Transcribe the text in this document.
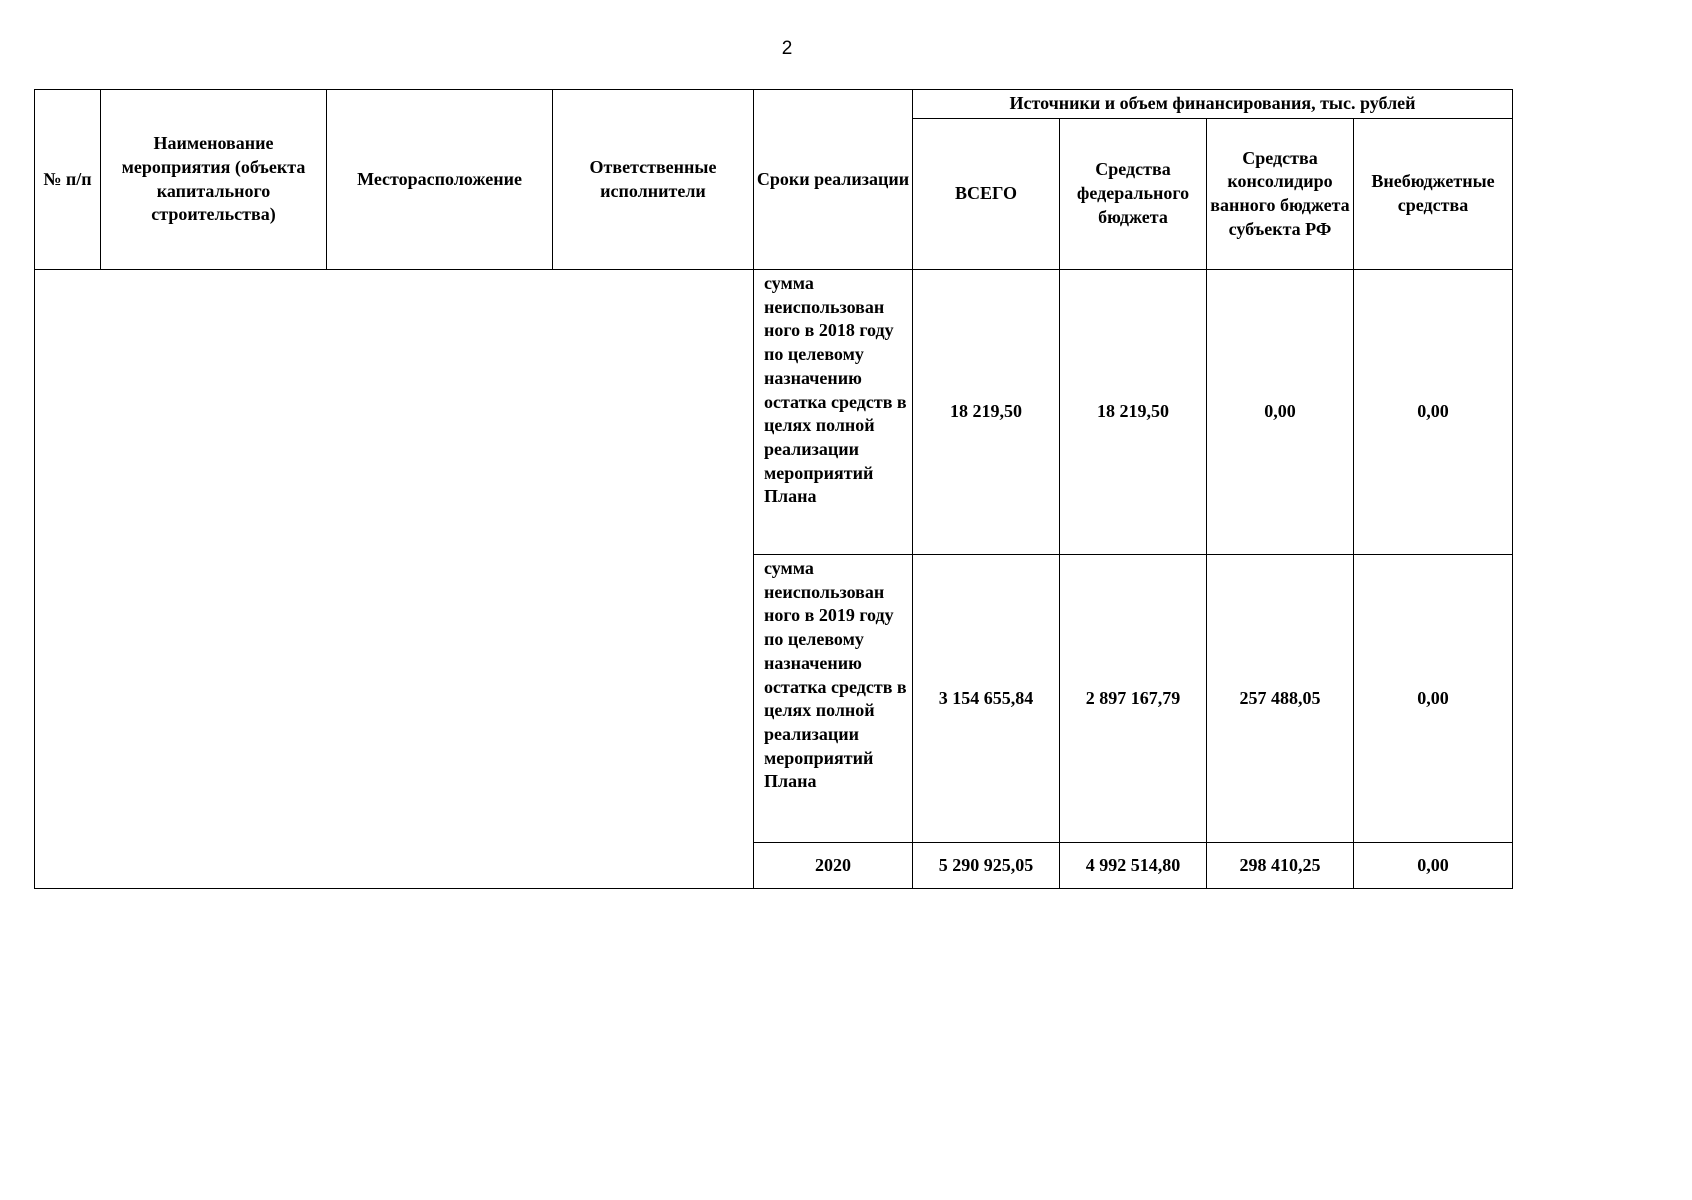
2
№ п/п	Наименование мероприятия (объекта капитального строительства)	Месторасположение	Ответственные исполнители	Сроки реализации	Источники и объем финансирования, тыс. рублей			
					ВСЕГО	Средства федерального бюджета	Средства консолидиро ванного бюджета субъекта РФ	Внебюджетные средства
				сумма неиспользован ного в 2018 году по целевому назначению остатка средств в целях полной реализации мероприятий Плана	18 219,50	18 219,50	0,00	0,00
				сумма неиспользован ного в 2019 году по целевому назначению остатка средств в целях полной реализации мероприятий Плана	3 154 655,84	2 897 167,79	257 488,05	0,00
				2020	5 290 925,05	4 992 514,80	298 410,25	0,00
